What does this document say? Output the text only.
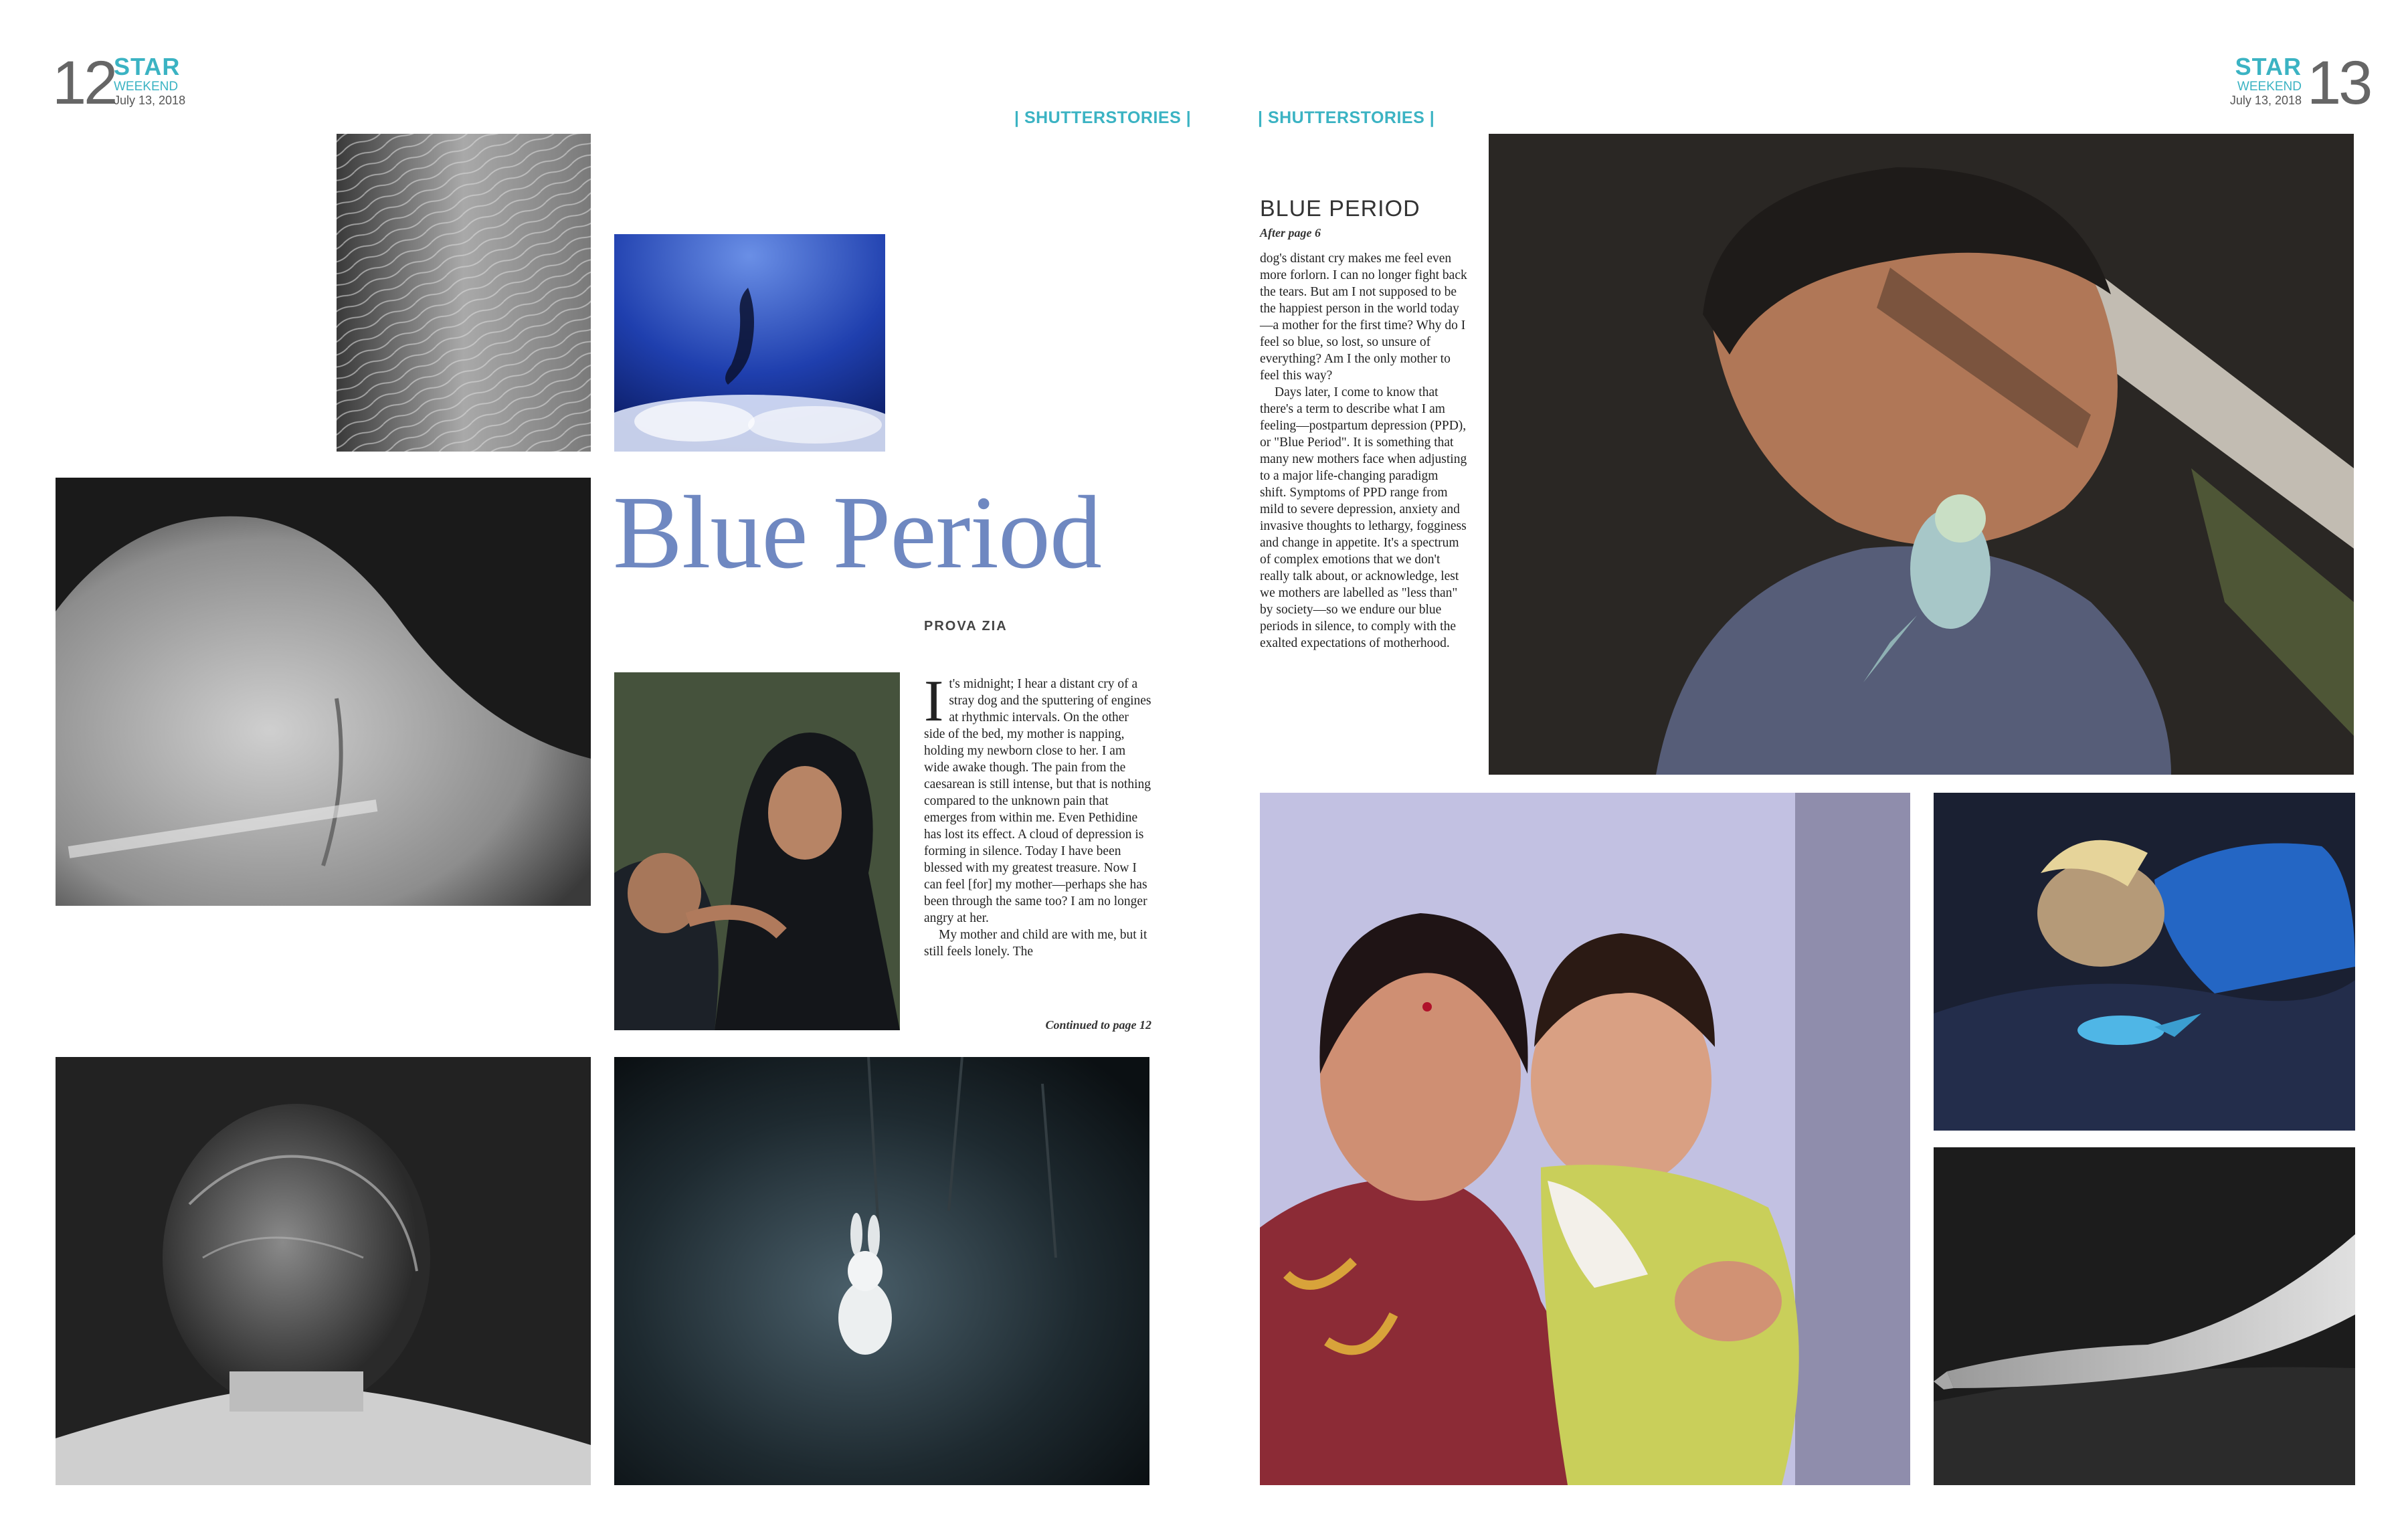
12
STAR
WEEKEND
July 13, 2018
| SHUTTERSTORIES |
STAR
WEEKEND
July 13, 2018 13
| SHUTTERSTORIES |
Blue Period
PROVA ZIA
I t's midnight; I hear a distant cry of a stray dog and the sputtering of engines at rhythmic intervals. On the other side of the bed, my mother is napping, holding my newborn close to her. I am wide awake though. The pain from the caesarean is still intense, but that is nothing compared to the unknown pain that emerges from within me. Even Pethidine has lost its effect. A cloud of depression is forming in silence. Today I have been blessed with my greatest treasure. Now I can feel [for] my mother—perhaps she has been through the same too? I am no longer angry at her.

My mother and child are with me, but it still feels lonely. The

Continued to page 12
BLUE PERIOD
After page 6

dog's distant cry makes me feel even more forlorn. I can no longer fight back the tears. But am I not supposed to be the happiest person in the world today—a mother for the first time? Why do I feel so blue, so lost, so unsure of everything? Am I the only mother to feel this way?

Days later, I come to know that there's a term to describe what I am feeling—postpartum depression (PPD), or "Blue Period". It is something that many new mothers face when adjusting to a major life-changing paradigm shift. Symptoms of PPD range from mild to severe depression, anxiety and invasive thoughts to lethargy, fogginess and change in appetite. It's a spectrum of complex emotions that we don't really talk about, or acknowledge, lest we mothers are labelled as "less than" by society—so we endure our blue periods in silence, to comply with the exalted expectations of motherhood.
